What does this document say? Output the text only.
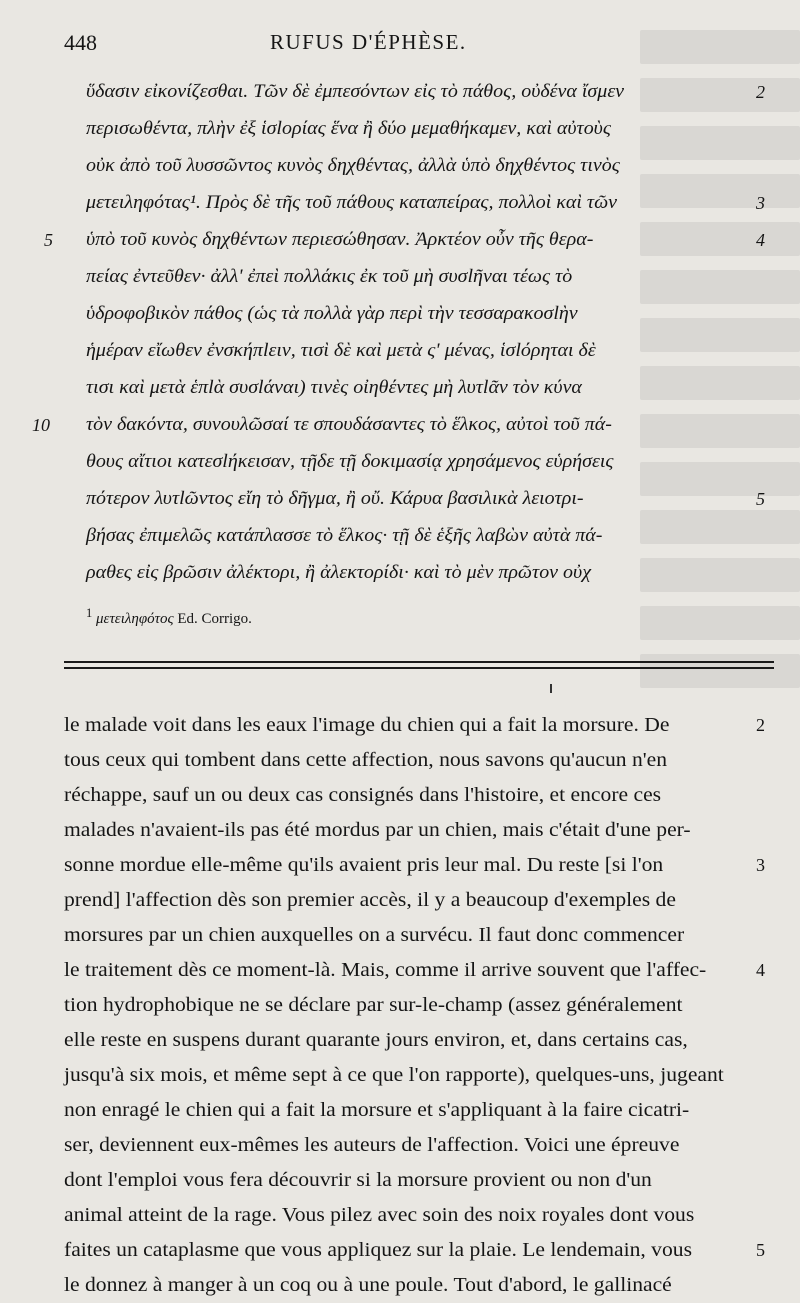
448	RUFUS D'ÉPHÈSE.
ὕδασιν εἰκονίζεσθαι. Τῶν δὲ ἐμπεσόντων εἰς τὸ πάθος, οὐδένα ἴσμεν	2
περισωθέντα, πλὴν ἐξ ἱσlορίας ἕνα ἢ δύο μεμαθήκαμεν, καὶ αὐτοὺς
οὐκ ἀπὸ τοῦ λυσσῶντος κυνὸς δηχθέντας, ἀλλὰ ὑπὸ δηχθέντος τινὸς
μετειληφότας¹. Πρὸς δὲ τῆς τοῦ πάθους καταπείρας, πολλοὶ καὶ τῶν	3
5 ὑπὸ τοῦ κυνὸς δηχθέντων περιεσώθησαν. Ἀρκτέον οὖν τῆς θερα-	4
πείας ἐντεῦθεν· ἀλλ' ἐπεὶ πολλάκις ἐκ τοῦ μὴ συσlῆναι τέως τὸ
ὑδροφοβικὸν πάθος (ὡς τὰ πολλὰ γὰρ περὶ τὴν τεσσαρακοσlὴν
ἡμέραν εἴωθεν ἐνσκήπlειν, τισὶ δὲ καὶ μετὰ ς' μένας, ἱσlόρηται δὲ
τισι καὶ μετὰ ἑπlὰ συσlάναι) τινὲς οἰηθέντες μὴ λυτlᾶν τὸν κύνα
10 τὸν δακόντα, συνουλῶσαί τε σπουδάσαντες τὸ ἕλκος, αὐτοὶ τοῦ πά-
θους αἴτιοι κατεσlήκεισαν, τῇδε τῇ δοκιμασίᾳ χρησάμενος εὑρήσεις
πότερον λυτlῶντος εἴη τὸ δῆγμα, ἢ οὔ. Κάρυα βασιλικὰ λειοτρι-	5
βήσας ἐπιμελῶς κατάπλασσε τὸ ἕλκος· τῇ δὲ ἑξῆς λαβὼν αὐτὰ πά-
ραθες εἰς βρῶσιν ἀλέκτορι, ἢ ἀλεκτορίδι· καὶ τὸ μὲν πρῶτον οὐχ
$^1$ μετειληφότος Ed. Corrigo.
le malade voit dans les eaux l'image du chien qui a fait la morsure. De	2
tous ceux qui tombent dans cette affection, nous savons qu'aucun n'en
réchappe, sauf un ou deux cas consignés dans l'histoire, et encore ces
malades n'avaient-ils pas été mordus par un chien, mais c'était d'une per-
sonne mordue elle-même qu'ils avaient pris leur mal. Du reste [si l'on	3
prend] l'affection dès son premier accès, il y a beaucoup d'exemples de
morsures par un chien auxquelles on a survécu. Il faut donc commencer
le traitement dès ce moment-là. Mais, comme il arrive souvent que l'affec-	4
tion hydrophobique ne se déclare par sur-le-champ (assez généralement
elle reste en suspens durant quarante jours environ, et, dans certains cas,
jusqu'à six mois, et même sept à ce que l'on rapporte), quelques-uns, jugeant
non enragé le chien qui a fait la morsure et s'appliquant à la faire cicatri-
ser, deviennent eux-mêmes les auteurs de l'affection. Voici une épreuve
dont l'emploi vous fera découvrir si la morsure provient ou non d'un
animal atteint de la rage. Vous pilez avec soin des noix royales dont vous
faites un cataplasme que vous appliquez sur la plaie. Le lendemain, vous	5
le donnez à manger à un coq ou à une poule. Tout d'abord, le gallinacé
